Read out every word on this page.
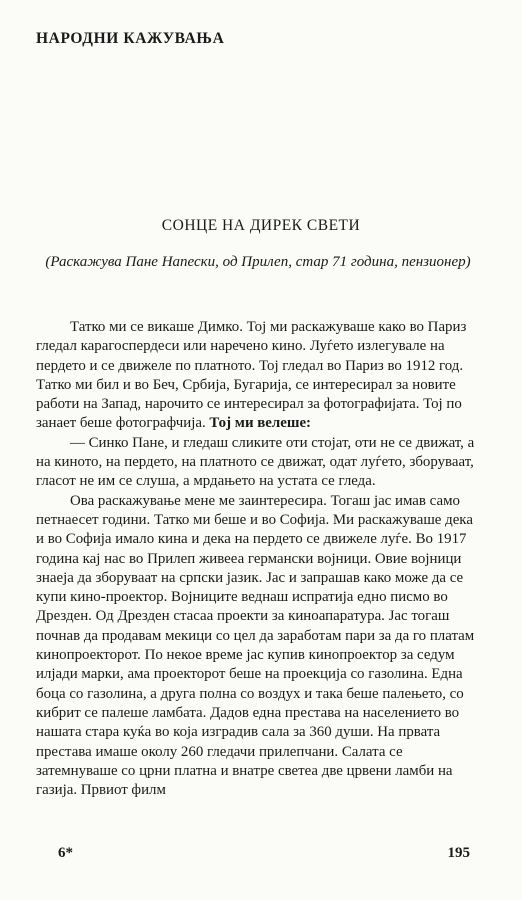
НАРОДНИ КАЖУВАЊА
СОНЦЕ НА ДИРЕК СВЕТИ
(Раскажува Пане Напески, од Прилеп, стар 71 година, пензионер)

Татко ми се викаше Димко. Тој ми раскажуваше како во Париз гледал карагоспердеси или наречено кино. Луѓето излегувале на пердето и се движеле по платното. Тој гледал во Париз во 1912 год. Татко ми бил и во Беч, Србија, Бугарија, се интересирал за новите работи на Запад, нарочито се интересирал за фотографијата. Тој по занает беше фотографчија. Тој ми велеше:

— Синко Пане, и гледаш сликите оти стојат, оти не се движат, а на киното, на пердето, на платното се движат, одат луѓето, зборуваат, гласот не им се слуша, а мрдањето на устата се гледа.

Ова раскажување мене ме заинтересира. Тогаш јас имав само петнаесет години. Татко ми беше и во Софија. Ми раскажуваше дека и во Софија имало кина и дека на пердето се движеле луѓе. Во 1917 година кај нас во Прилеп живееа германски војници. Овие војници знаеја да зборуваат на српски јазик. Јас и запрашав како може да се купи кино-проектор. Војниците веднаш испратија едно писмо во Дрезден. Од Дрезден стасаа проекти за киноапаратура. Јас тогаш почнав да продавам мекици со цел да заработам пари за да го платам кинопроекторот. По некое време јас купив кинопроектор за седум илјади марки, ама проекторот беше на проекција со газолина. Една боца со газолина, а друга полна со воздух и така беше палењето, со кибрит се палеше ламбата. Дадов една престава на населението во нашата стара куќа во која изградив сала за 360 души. На првата престава имаше околу 260 гледачи прилепчани. Салата се затемнуваше со црни платна и внатре светеа две црвени ламби на газија. Првиот филм

6*	195
